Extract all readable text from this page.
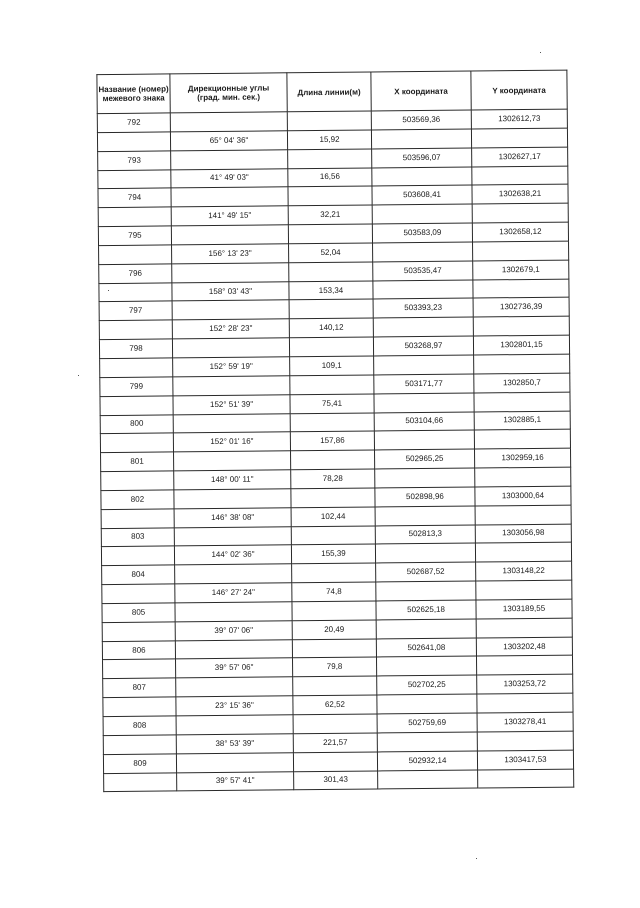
Название (номер)
межевого знака	Дирекционные углы
(град. мин. сек.)	Длина линии(м)	X координата	Y координата
792			503569,36	1302612,73
	65° 04' 36"	15,92		
793			503596,07	1302627,17
	41° 49' 03"	16,56		
794			503608,41	1302638,21
	141° 49' 15"	32,21		
795			503583,09	1302658,12
	156° 13' 23"	52,04		
796			503535,47	1302679,1
	158° 03' 43"	153,34		
797			503393,23	1302736,39
	152° 28' 23"	140,12		
798			503268,97	1302801,15
	152° 59' 19"	109,1		
799			503171,77	1302850,7
	152° 51' 39"	75,41		
800			503104,66	1302885,1
	152° 01' 16"	157,86		
801			502965,25	1302959,16
	148° 00' 11"	78,28		
802			502898,96	1303000,64
	146° 38' 08"	102,44		
803			502813,3	1303056,98
	144° 02' 36"	155,39		
804			502687,52	1303148,22
	146° 27' 24"	74,8		
805			502625,18	1303189,55
	39° 07' 06"	20,49		
806			502641,08	1303202,48
	39° 57' 06"	79,8		
807			502702,25	1303253,72
	23° 15' 36"	62,52		
808			502759,69	1303278,41
	38° 53' 39"	221,57		
809			502932,14	1303417,53
	39° 57' 41"	301,43		
